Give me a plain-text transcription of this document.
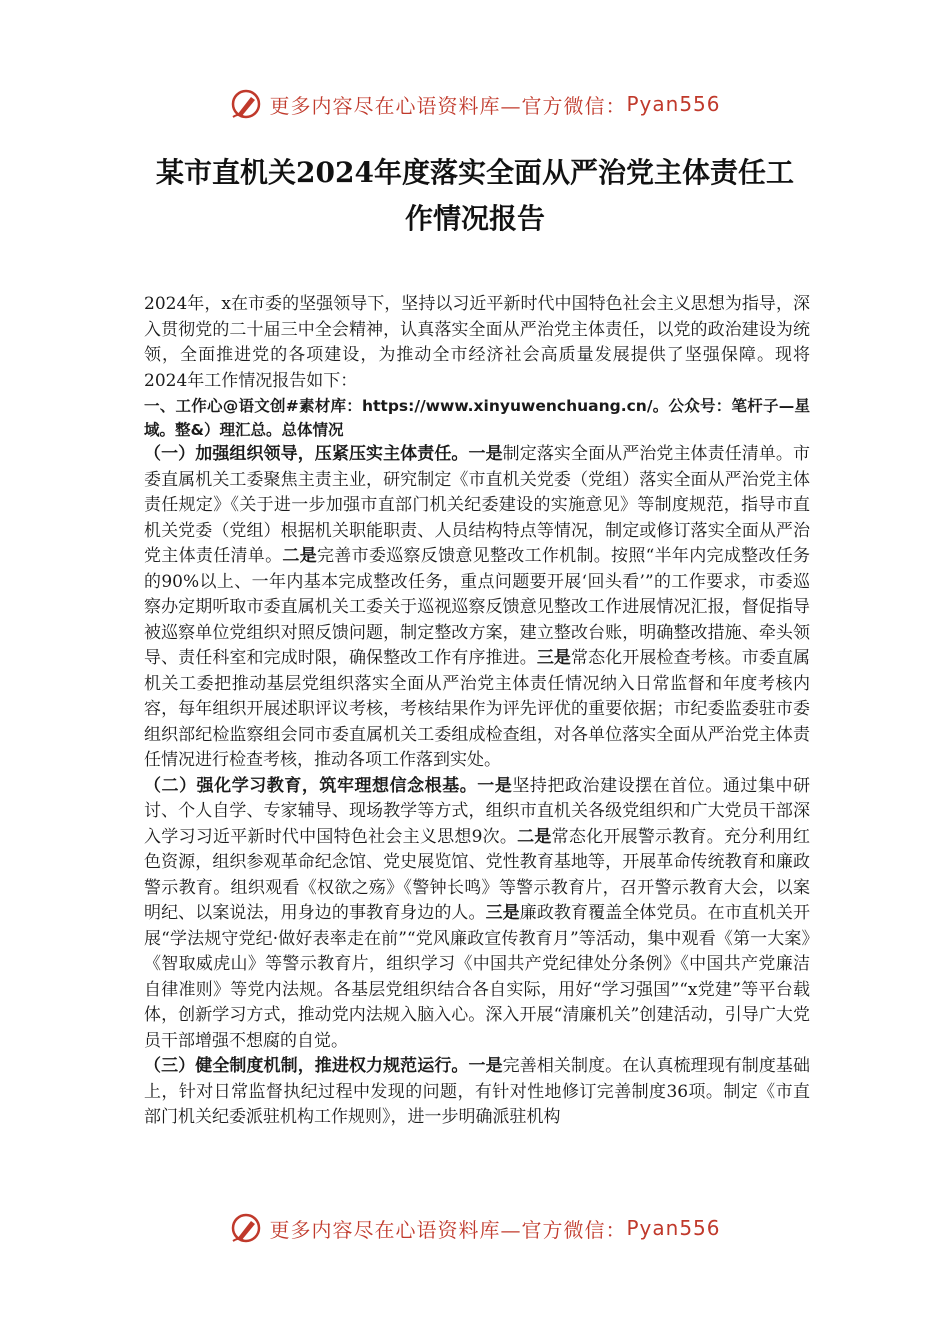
更多内容尽在心语资料库—官方微信： Pyan556
某市直机关2024年度落实全面从严治党主体责任工
作情况报告

2024年，x在市委的坚强领导下，坚持以习近平新时代中国特色社会主义思想为指导，深入贯彻党的二十届三中全会精神，认真落实全面从严治党主体责任，以党的政治建设为统领，全面推进党的各项建设，为推动全市经济社会高质量发展提供了坚强保障。现将2024年工作情况报告如下：

一、工作心@语文创#素材库：https://www.xinyuwenchuang.cn/。公众号：笔杆子—星域。整&）理汇总。总体情况

（一）加强组织领导，压紧压实主体责任。一是制定落实全面从严治党主体责任清单。市委直属机关工委聚焦主责主业，研究制定《市直机关党委（党组）落实全面从严治党主体责任规定》《关于进一步加强市直部门机关纪委建设的实施意见》等制度规范，指导市直机关党委（党组）根据机关职能职责、人员结构特点等情况，制定或修订落实全面从严治党主体责任清单。二是完善市委巡察反馈意见整改工作机制。按照“半年内完成整改任务的90%以上、一年内基本完成整改任务，重点问题要开展‘回头看’”的工作要求，市委巡察办定期听取市委直属机关工委关于巡视巡察反馈意见整改工作进展情况汇报，督促指导被巡察单位党组织对照反馈问题，制定整改方案，建立整改台账，明确整改措施、牵头领导、责任科室和完成时限，确保整改工作有序推进。三是常态化开展检查考核。市委直属机关工委把推动基层党组织落实全面从严治党主体责任情况纳入日常监督和年度考核内容，每年组织开展述职评议考核，考核结果作为评先评优的重要依据；市纪委监委驻市委组织部纪检监察组会同市委直属机关工委组成检查组，对各单位落实全面从严治党主体责任情况进行检查考核，推动各项工作落到实处。

（二）强化学习教育，筑牢理想信念根基。一是坚持把政治建设摆在首位。通过集中研讨、个人自学、专家辅导、现场教学等方式，组织市直机关各级党组织和广大党员干部深入学习习近平新时代中国特色社会主义思想9次。二是常态化开展警示教育。充分利用红色资源，组织参观革命纪念馆、党史展览馆、党性教育基地等，开展革命传统教育和廉政警示教育。组织观看《权欲之殇》《警钟长鸣》等警示教育片，召开警示教育大会，以案明纪、以案说法，用身边的事教育身边的人。三是廉政教育覆盖全体党员。在市直机关开展“学法规守党纪·做好表率走在前”“党风廉政宣传教育月”等活动，集中观看《第一大案》《智取威虎山》等警示教育片，组织学习《中国共产党纪律处分条例》《中国共产党廉洁自律准则》等党内法规。各基层党组织结合各自实际，用好“学习强国”“x党建”等平台载体，创新学习方式，推动党内法规入脑入心。深入开展“清廉机关”创建活动，引导广大党员干部增强不想腐的自觉。

（三）健全制度机制，推进权力规范运行。一是完善相关制度。在认真梳理现有制度基础上，针对日常监督执纪过程中发现的问题，有针对性地修订完善制度36项。制定《市直部门机关纪委派驻机构工作规则》，进一步明确派驻机构

更多内容尽在心语资料库—官方微信： Pyan556
